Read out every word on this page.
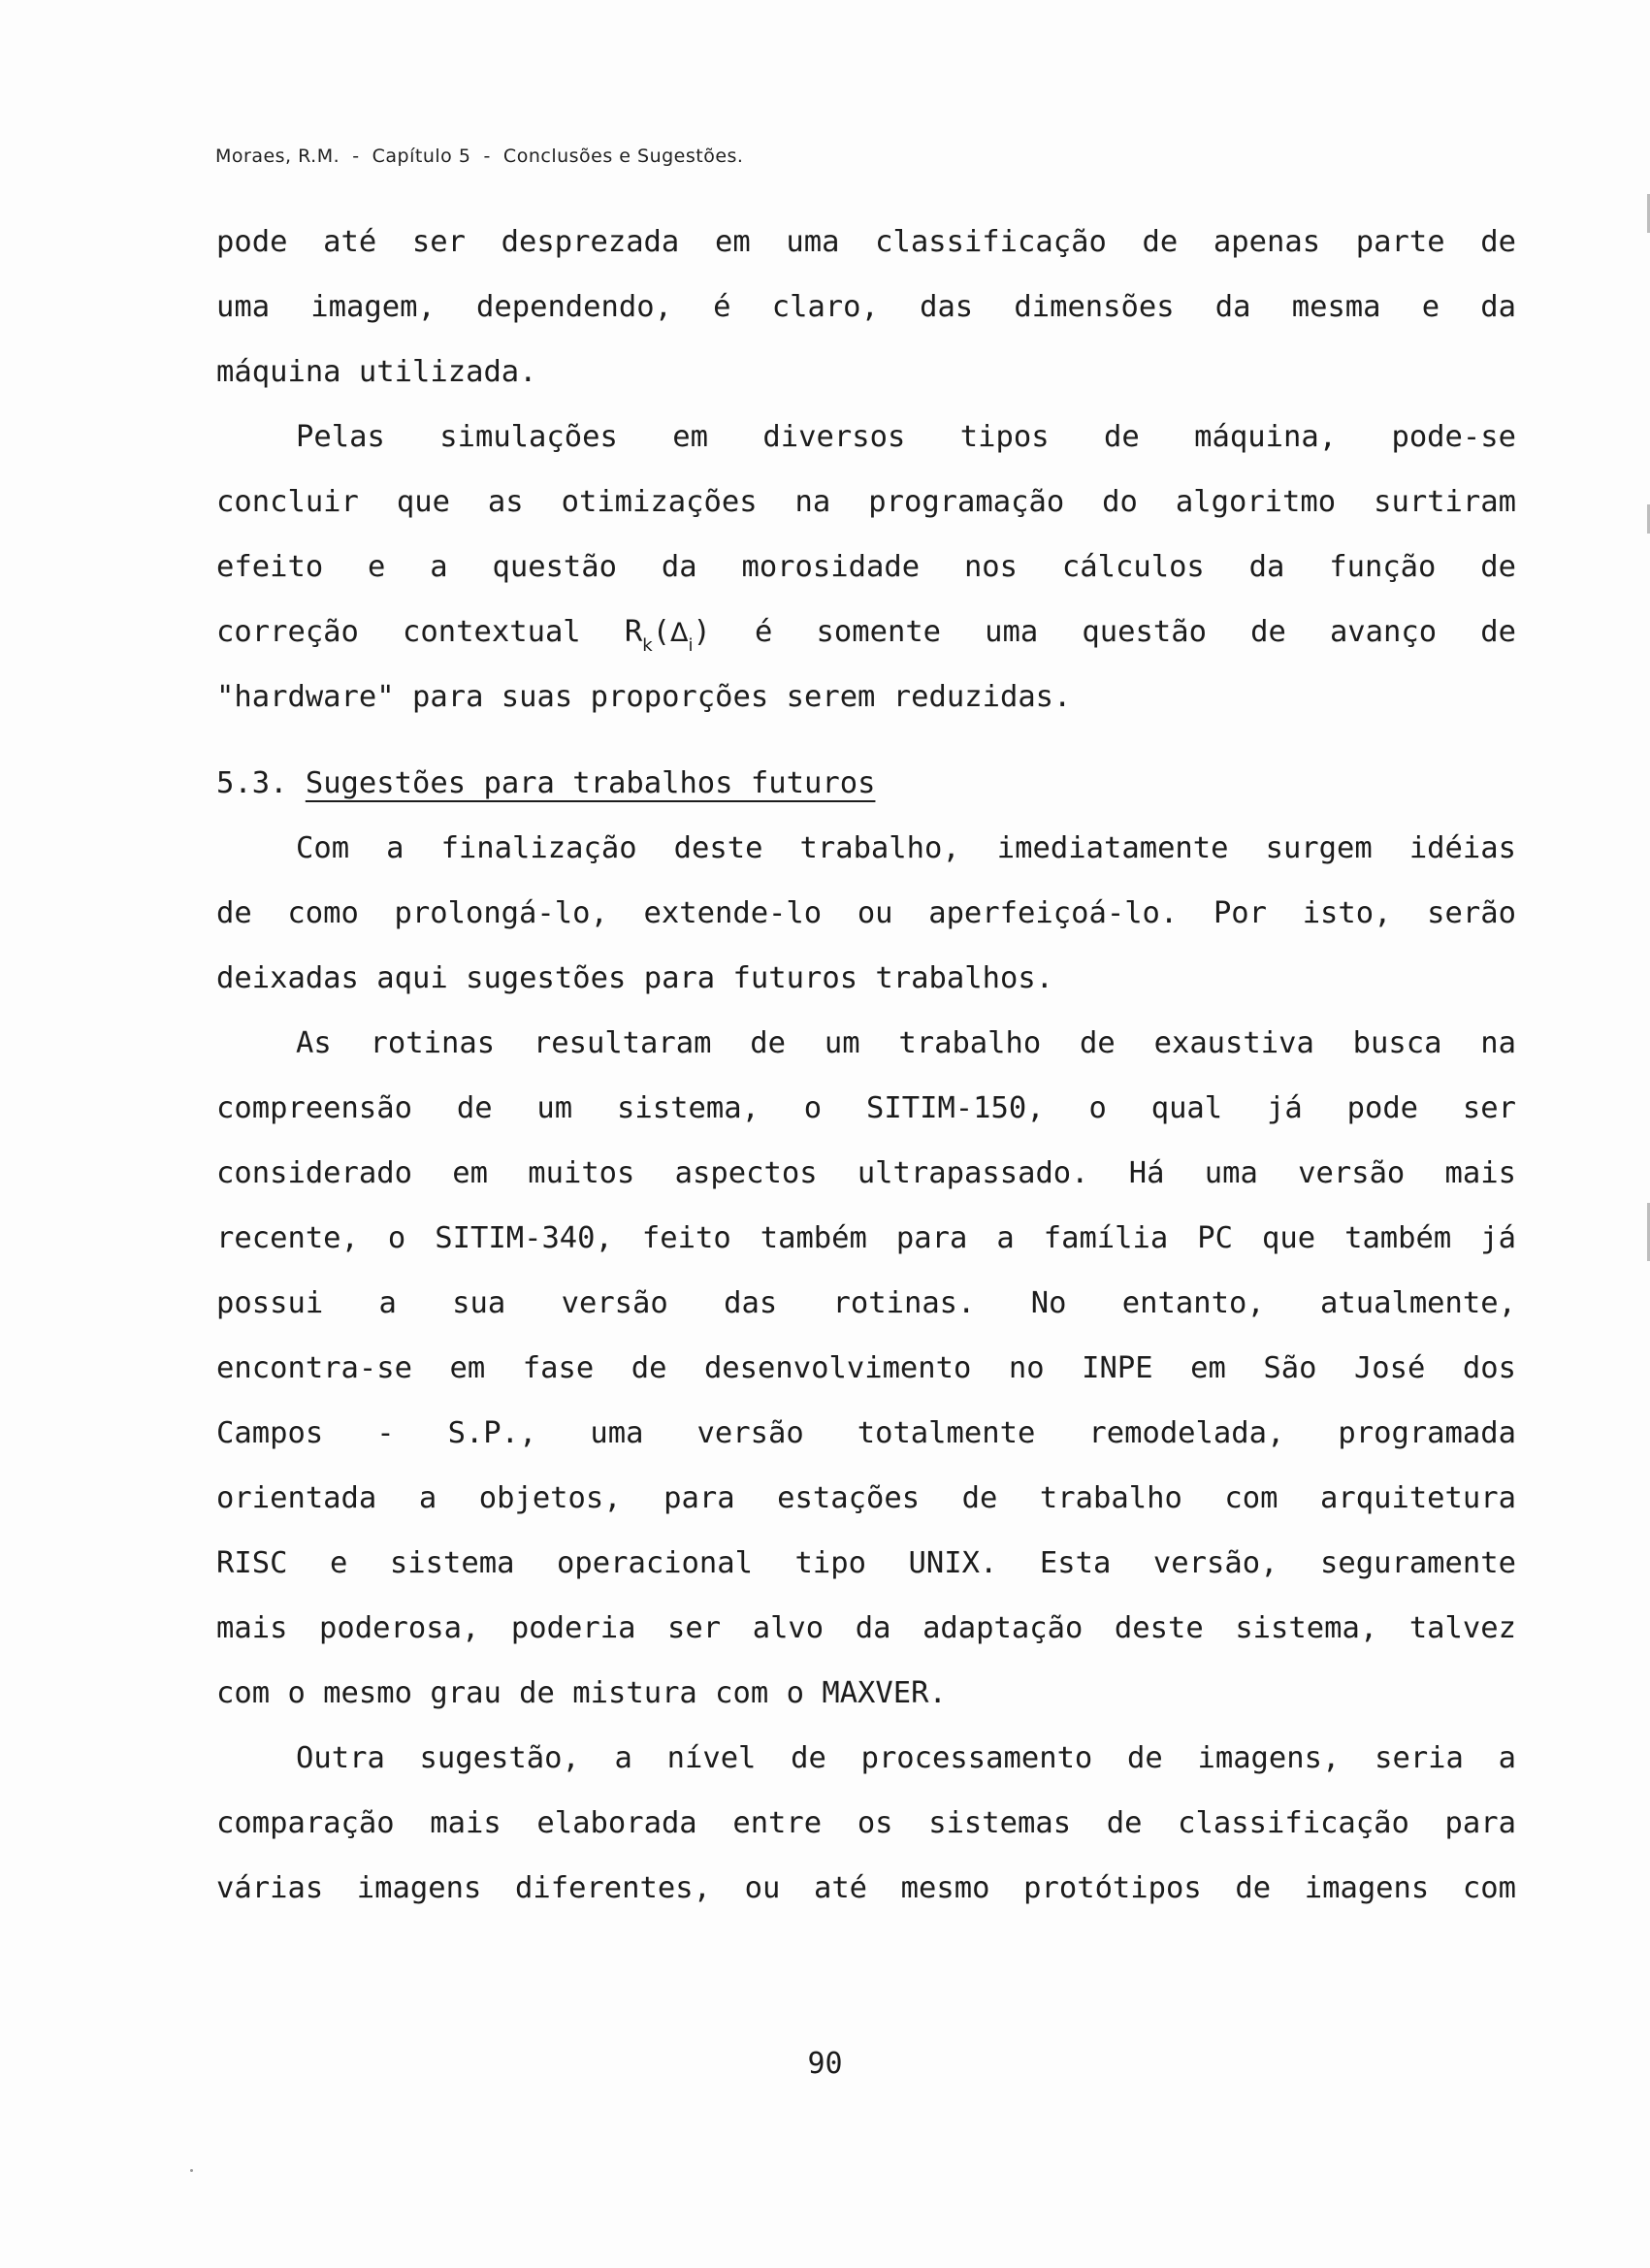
Moraes, R.M.  -  Capítulo 5  -  Conclusões e Sugestões.
pode até ser desprezada em uma classificação de apenas parte de
uma imagem, dependendo, é claro, das dimensões da mesma e da
máquina utilizada.
Pelas simulações em diversos tipos de máquina, pode-se
concluir que as otimizações na programação do algoritmo surtiram
efeito e a questão da morosidade nos cálculos da função de
correção contextual $R_k(\Delta_i)$ é somente uma questão de avanço de
"hardware" para suas proporções serem reduzidas.
5.3. Sugestões para trabalhos futuros
Com a finalização deste trabalho, imediatamente surgem idéias
de como prolongá-lo, extende-lo ou aperfeiçoá-lo. Por isto, serão
deixadas aqui sugestões para futuros trabalhos.
As rotinas resultaram de um trabalho de exaustiva busca na
compreensão de um sistema, o SITIM-150, o qual já pode ser
considerado em muitos aspectos ultrapassado. Há uma versão mais
recente, o SITIM-340, feito também para a família PC que também já
possui a sua versão das rotinas. No entanto, atualmente,
encontra-se em fase de desenvolvimento no INPE em São José dos
Campos - S.P., uma versão totalmente remodelada, programada
orientada a objetos, para estações de trabalho com arquitetura
RISC e sistema operacional tipo UNIX. Esta versão, seguramente
mais poderosa, poderia ser alvo da adaptação deste sistema, talvez
com o mesmo grau de mistura com o MAXVER.
Outra sugestão, a nível de processamento de imagens, seria a
comparação mais elaborada entre os sistemas de classificação para
várias imagens diferentes, ou até mesmo protótipos de imagens com
90
